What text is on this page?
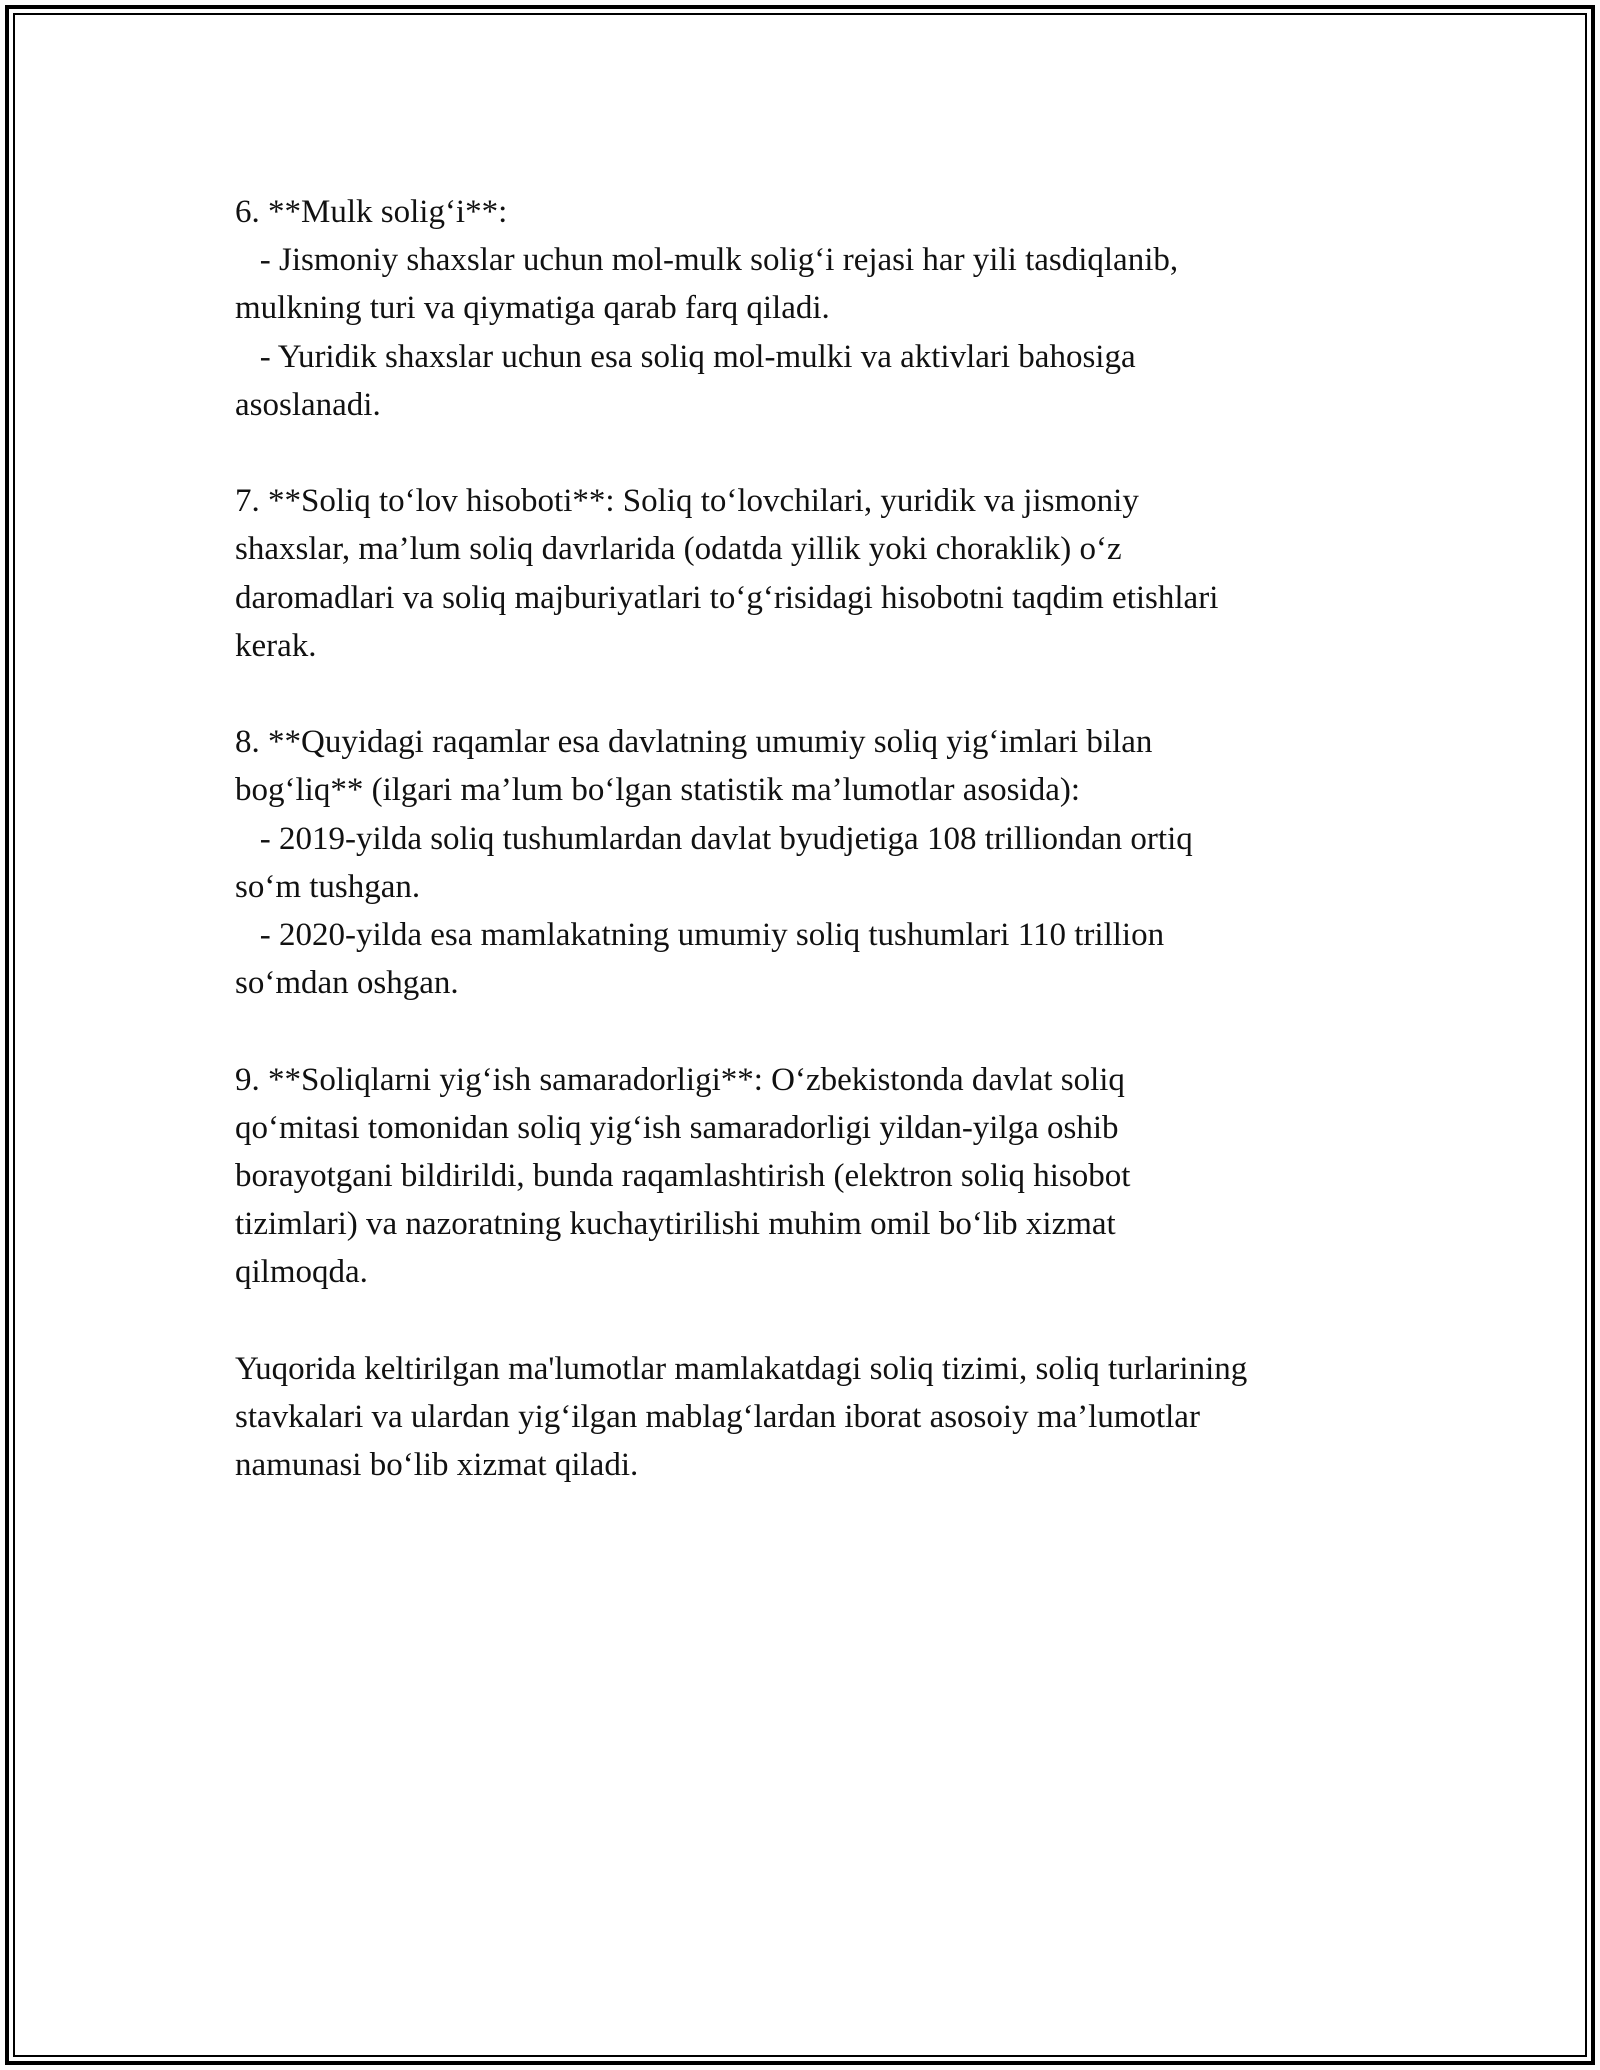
6. **Mulk solig‘i**:
- Jismoniy shaxslar uchun mol-mulk solig‘i rejasi har yili tasdiqlanib,
mulkning turi va qiymatiga qarab farq qiladi.
- Yuridik shaxslar uchun esa soliq mol-mulki va aktivlari bahosiga
asoslanadi.
7. **Soliq to‘lov hisoboti**: Soliq to‘lovchilari, yuridik va jismoniy
shaxslar, ma’lum soliq davrlarida (odatda yillik yoki choraklik) o‘z
daromadlari va soliq majburiyatlari to‘g‘risidagi hisobotni taqdim etishlari
kerak.
8. **Quyidagi raqamlar esa davlatning umumiy soliq yig‘imlari bilan
bog‘liq** (ilgari ma’lum bo‘lgan statistik ma’lumotlar asosida):
- 2019-yilda soliq tushumlardan davlat byudjetiga 108 trilliondan ortiq
so‘m tushgan.
- 2020-yilda esa mamlakatning umumiy soliq tushumlari 110 trillion
so‘mdan oshgan.
9. **Soliqlarni yig‘ish samaradorligi**: O‘zbekistonda davlat soliq
qo‘mitasi tomonidan soliq yig‘ish samaradorligi yildan-yilga oshib
borayotgani bildirildi, bunda raqamlashtirish (elektron soliq hisobot
tizimlari) va nazoratning kuchaytirilishi muhim omil bo‘lib xizmat
qilmoqda.
Yuqorida keltirilgan ma'lumotlar mamlakatdagi soliq tizimi, soliq turlarining
stavkalari va ulardan yig‘ilgan mablag‘lardan iborat asosoiy ma’lumotlar
namunasi bo‘lib xizmat qiladi.
